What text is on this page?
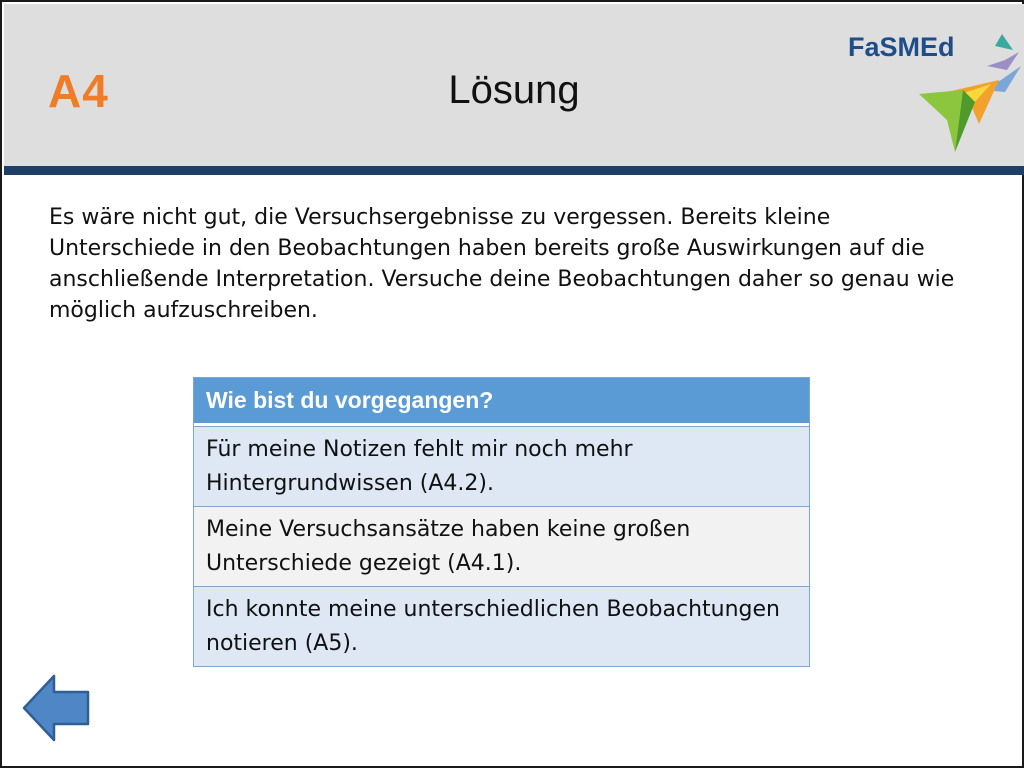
A4	Lösung
FaSMEd
Es wäre nicht gut, die Versuchsergebnisse zu vergessen. Bereits kleine Unterschiede in den Beobachtungen haben bereits große Auswirkungen auf die anschließende Interpretation. Versuche deine Beobachtungen daher so genau wie möglich aufzuschreiben.
Wie bist du vorgegangen?
Für meine Notizen fehlt mir noch mehr Hintergrundwissen (A4.2).
Meine Versuchsansätze haben keine großen Unterschiede gezeigt (A4.1).
Ich konnte meine unterschiedlichen Beobachtungen notieren (A5).
